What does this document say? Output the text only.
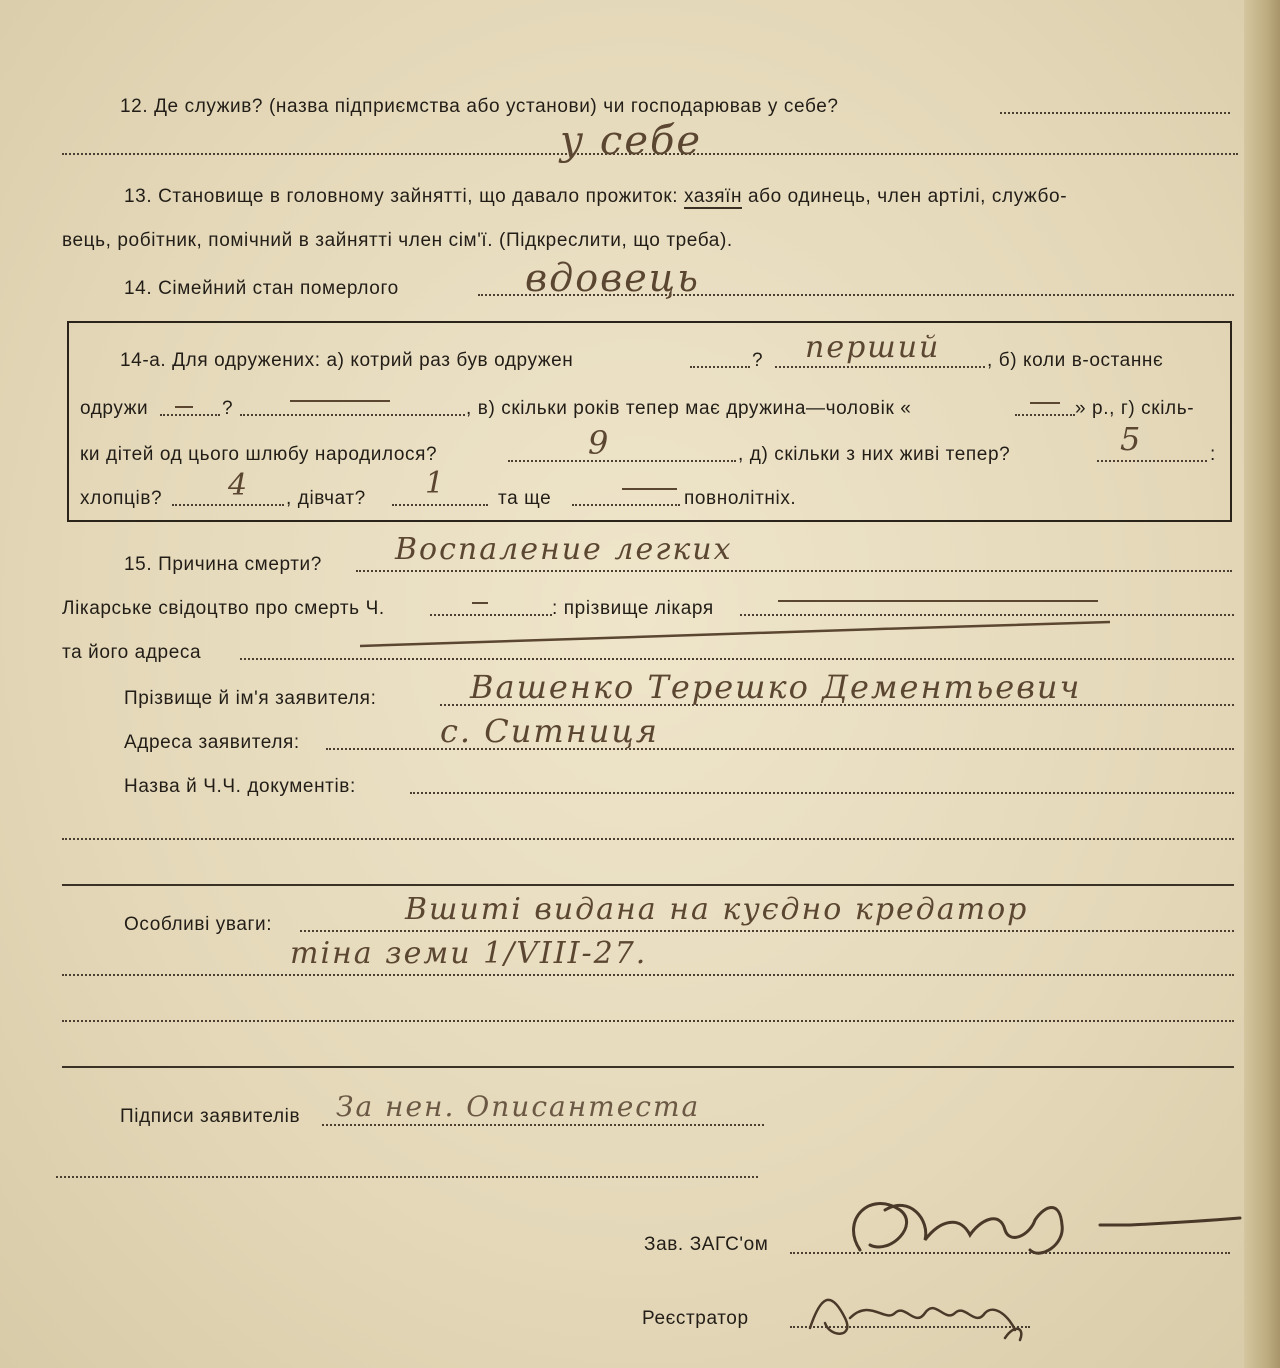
12. Де служив? (назва підприємства або установи) чи господарював у себе?
у себе
13. Становище в головному зайнятті, що давало прожиток: хазяїн або одинець, член артілі, службо-
вець, робітник, помічний в зайнятті член сім'ї. (Підкреслити, що треба).
14. Сімейний стан померлого	вдовець
14-а. Для одружених: а) котрий раз був одружен	? перший , б) коли в-останнє
одружи	?	, в) скільки років тепер має дружина—чоловік «	» р., г) скіль-
ки дітей од цього шлюбу народилося?	9	, д) скільки з них живі тепер?	5	:
хлопців? 4 , дівчат? 1	та ще	повнолітніх.
15. Причина смерти? Воспаление легких
Лікарське свідоцтво про смерть Ч.	: прізвище лікаря
та його адреса
Прізвище й ім'я заявителя:	Вашенко Терешко Дементьевич
Адреса заявителя:	с. Ситниця
Назва й Ч.Ч. документів:
Особливі уваги:	Вшиті видана на куєдно кредатор
тіна земи 1/VIII-27.
Підписи заявителів За нен. Описантеста
Зав. ЗАГС'ом
Реєстратор
